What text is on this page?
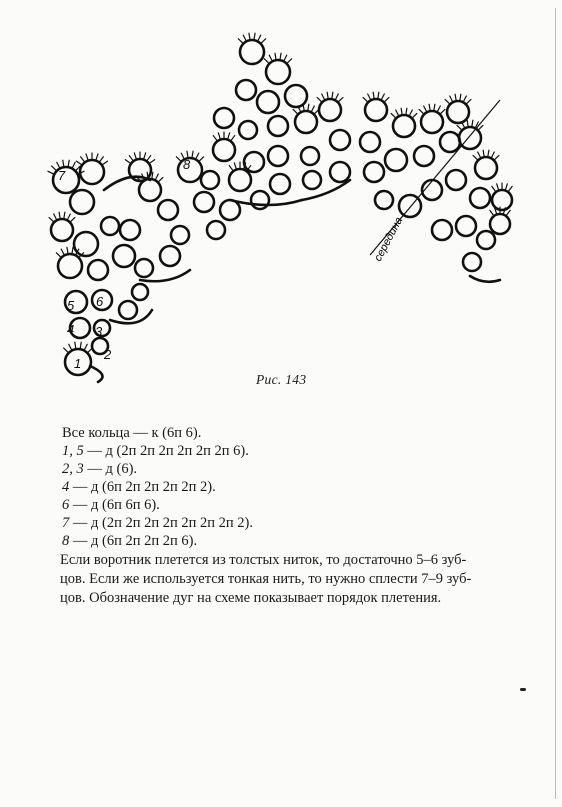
середина
1
2
3
4
5 6
7
8
Рис. 143
Все кольца — к (6п 6).
1, 5 — д (2п 2п 2п 2п 2п 2п 6).
2, 3 — д (6).
4 — д (6п 2п 2п 2п 2п 2).
6 — д (6п 6п 6).
7 — д (2п 2п 2п 2п 2п 2п 2п 2).
8 — д (6п 2п 2п 2п 6).
Если воротник плетется из толстых ниток, то достаточно 5–6 зуб-
цов. Если же используется тонкая нить, то нужно сплести 7–9 зуб-
цов. Обозначение дуг на схеме показывает порядок плетения.
